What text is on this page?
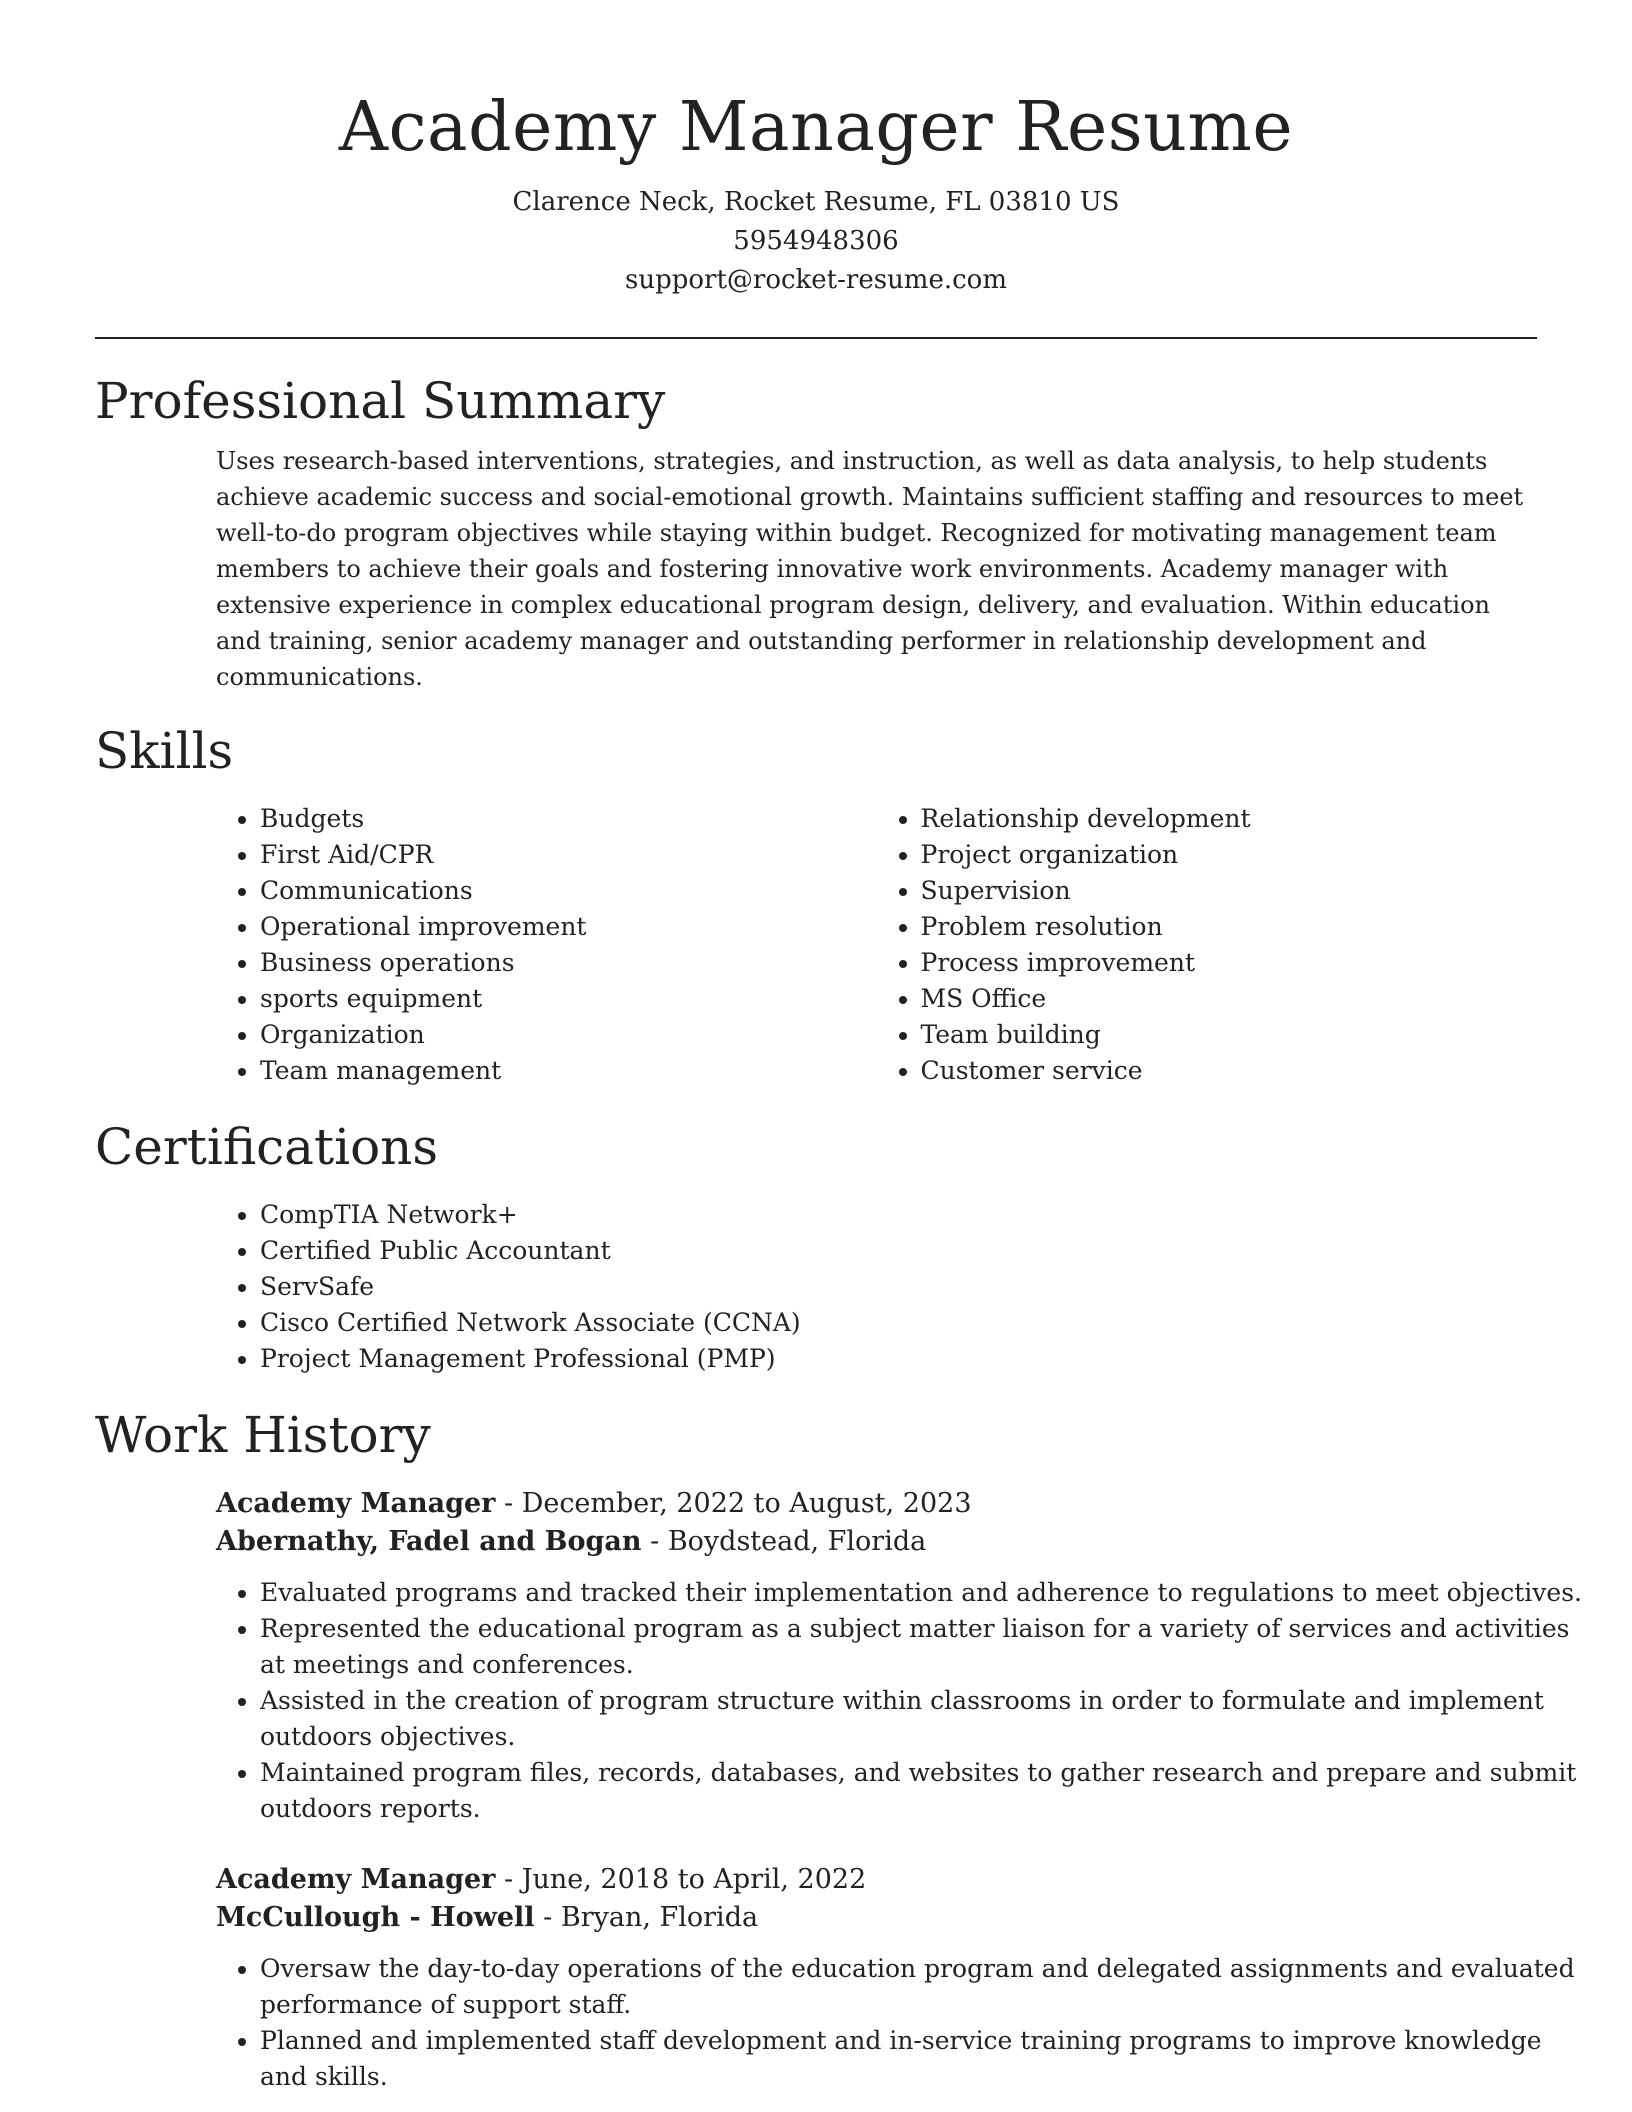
Academy Manager Resume
Clarence Neck, Rocket Resume, FL 03810 US
5954948306
support@rocket-resume.com
Professional Summary

Uses research-based interventions, strategies, and instruction, as well as data analysis, to help students achieve academic success and social-emotional growth. Maintains sufficient staffing and resources to meet well-to-do program objectives while staying within budget. Recognized for motivating management team members to achieve their goals and fostering innovative work environments. Academy manager with extensive experience in complex educational program design, delivery, and evaluation. Within education and training, senior academy manager and outstanding performer in relationship development and communications.

Skills
• Budgets
• First Aid/CPR
• Communications
• Operational improvement
• Business operations
• sports equipment
• Organization
• Team management
• Relationship development
• Project organization
• Supervision
• Problem resolution
• Process improvement
• MS Office
• Team building
• Customer service
Certifications
• CompTIA Network+
• Certified Public Accountant
• ServSafe
• Cisco Certified Network Associate (CCNA)
• Project Management Professional (PMP)
Work History
Academy Manager - December, 2022 to August, 2023
Abernathy, Fadel and Bogan - Boydstead, Florida
• Evaluated programs and tracked their implementation and adherence to regulations to meet objectives.
• Represented the educational program as a subject matter liaison for a variety of services and activities at meetings and conferences.
• Assisted in the creation of program structure within classrooms in order to formulate and implement outdoors objectives.
• Maintained program files, records, databases, and websites to gather research and prepare and submit outdoors reports.
Academy Manager - June, 2018 to April, 2022
McCullough - Howell - Bryan, Florida
• Oversaw the day-to-day operations of the education program and delegated assignments and evaluated performance of support staff.
• Planned and implemented staff development and in-service training programs to improve knowledge and skills.
